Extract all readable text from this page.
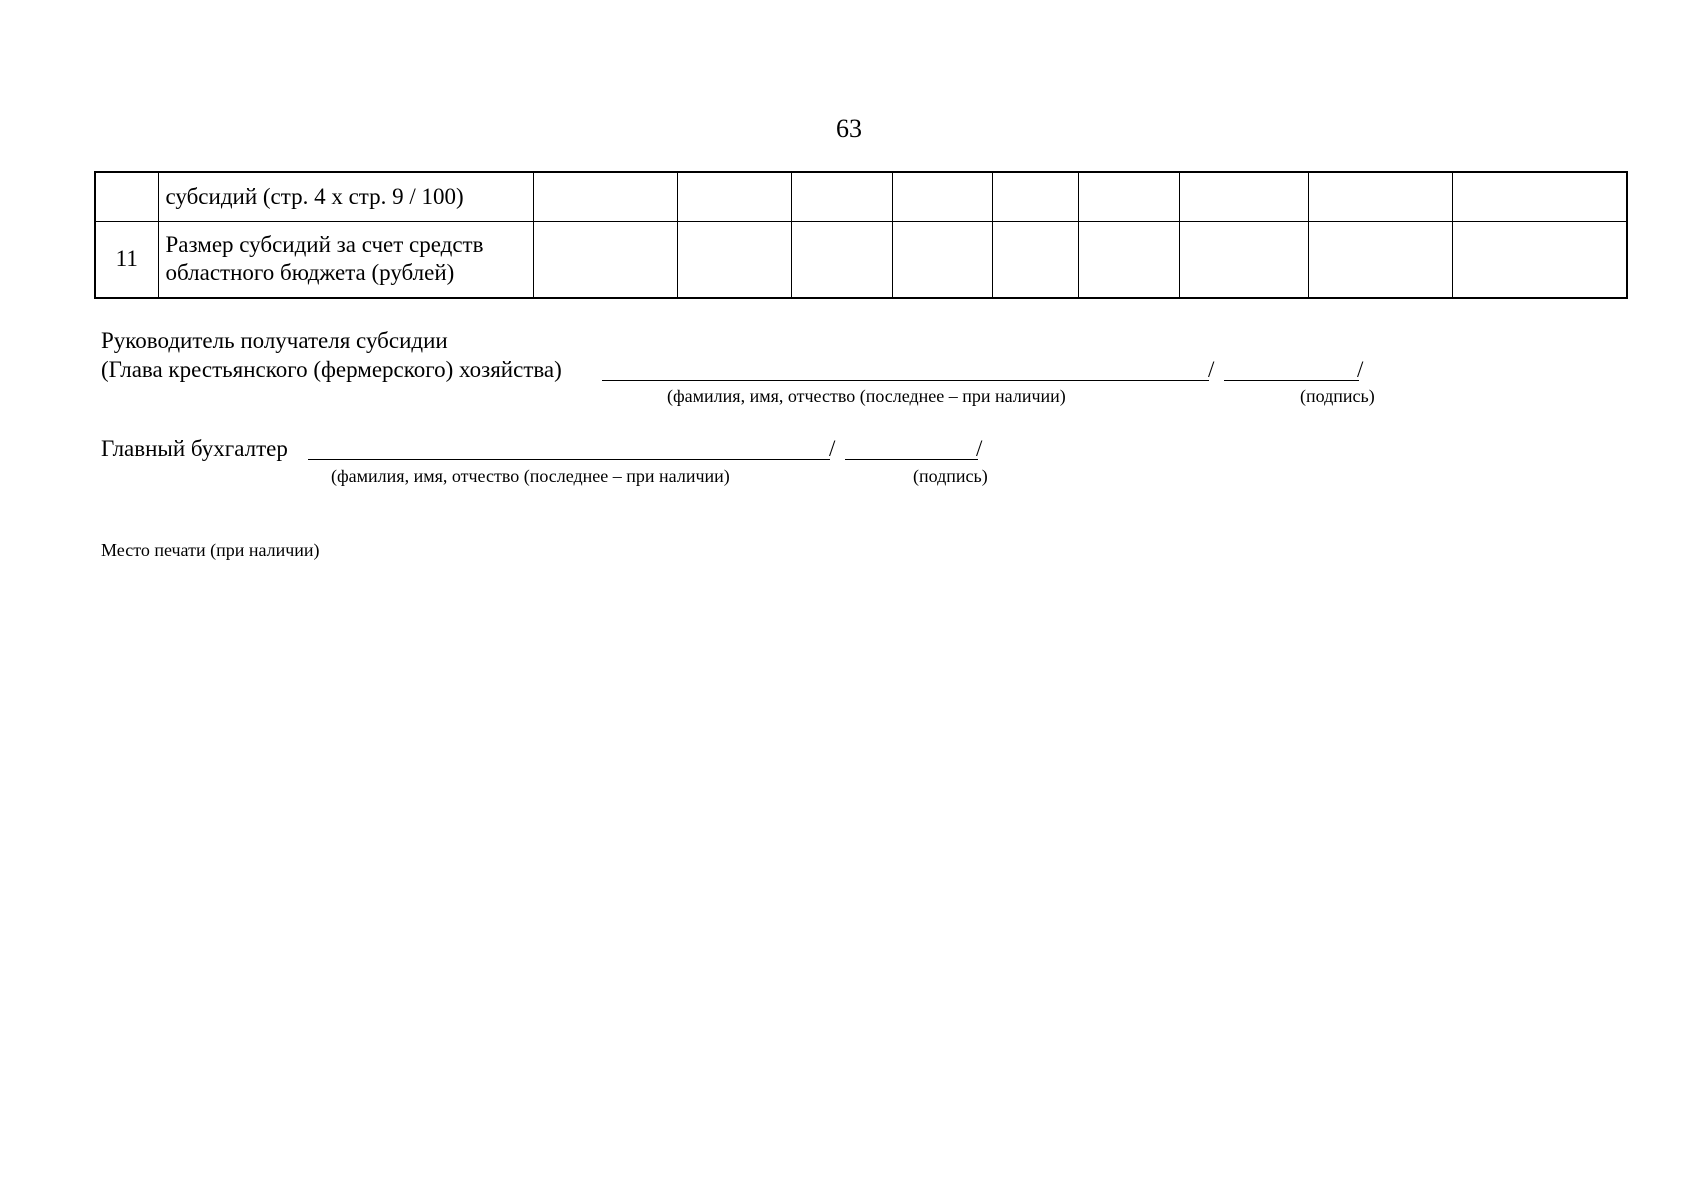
63
	субсидий (стр. 4 х стр. 9 / 100)									
11	Размер субсидий за счет средств
областного бюджета (рублей)									

Руководитель получателя субсидии
(Глава крестьянского (фермерского) хозяйства)	/	/
(фамилия, имя, отчество (последнее – при наличии)	(подпись)
Главный бухгалтер	/	/
(фамилия, имя, отчество (последнее – при наличии)	(подпись)
Место печати (при наличии)
